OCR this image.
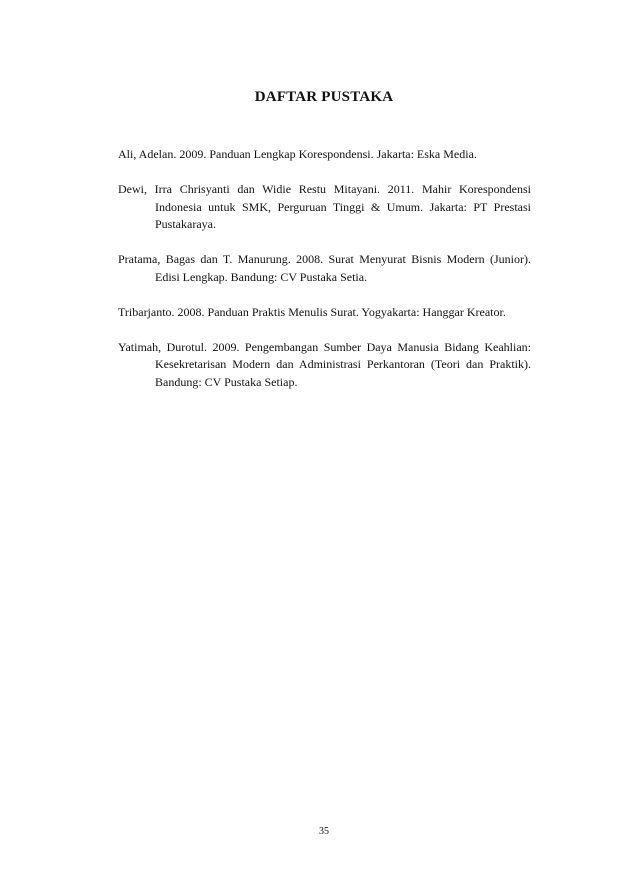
DAFTAR PUSTAKA

Ali, Adelan. 2009. Panduan Lengkap Korespondensi. Jakarta: Eska Media.

Dewi, Irra Chrisyanti dan Widie Restu Mitayani. 2011. Mahir Korespondensi Indonesia untuk SMK, Perguruan Tinggi & Umum. Jakarta: PT Prestasi Pustakaraya.

Pratama, Bagas dan T. Manurung. 2008. Surat Menyurat Bisnis Modern (Junior). Edisi Lengkap. Bandung: CV Pustaka Setia.

Tribarjanto. 2008. Panduan Praktis Menulis Surat. Yogyakarta: Hanggar Kreator.

Yatimah, Durotul. 2009. Pengembangan Sumber Daya Manusia Bidang Keahlian: Kesekretarisan Modern dan Administrasi Perkantoran (Teori dan Praktik). Bandung: CV Pustaka Setiap.

35
